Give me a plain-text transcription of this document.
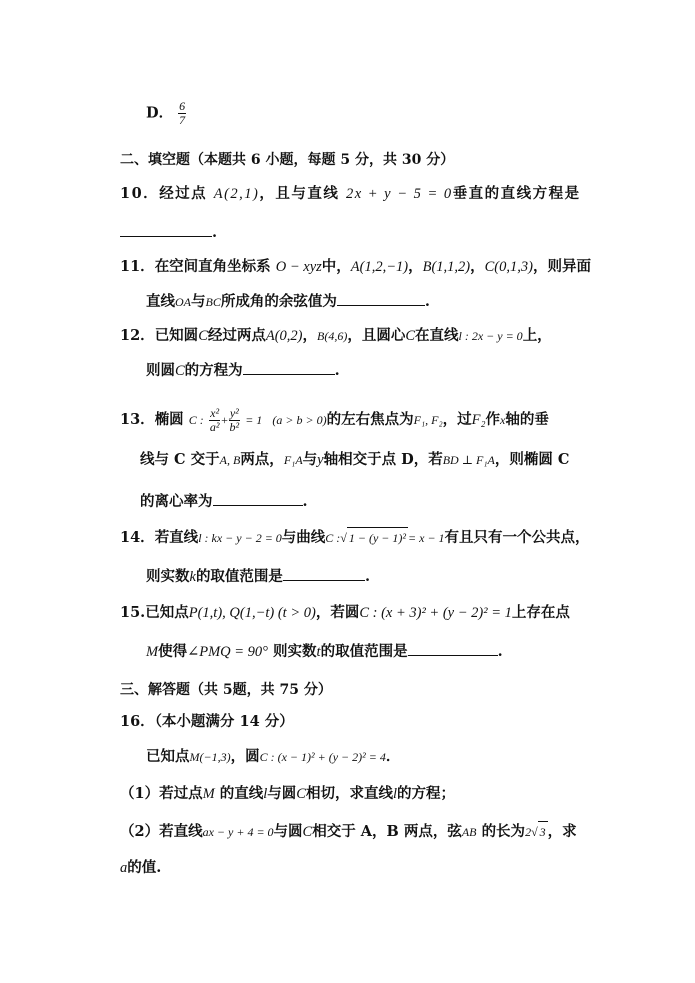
D． $\frac{6}{7}$
二、填空题（本题共 6 小题，每题 5 分，共 30 分）
10．经过点 A(2,1)，且与直线 2x + y − 5 = 0垂直的直线方程是
.
11．在空间直角坐标系 O − xyz中，A(1,2,−1)，B(1,1,2)，C(0,1,3)，则异面
直线OA与BC所成角的余弦值为	.
12．已知圆C经过两点A(0,2)，B(4,6)，且圆心C在直线l : 2x − y = 0上，
则圆C的方程为	.
13．椭圆 C : $\frac{\text{x²}}{\text{a²}} + \frac{\text{y²}}{\text{b²}} = 1$ (a > b > 0)的左右焦点为F₁, F₂，过F₂作x轴的垂
线与 C 交于A, B两点，F₁A与y轴相交于点 D，若BD ⊥ F₁A，则椭圆 C
的离心率为	.
14．若直线l : kx − y − 2 = 0与曲线C :√ 1 − (y − 1)² = x − 1有且只有一个公共点，
则实数k的取值范围是	.
15.已知点P(1,t), Q(1,−t) (t > 0)，若圆C : (x + 3)² + (y − 2)² = 1上存在点
M使得∠PMQ = 90° 则实数t的取值范围是	.
三、解答题（共 5题，共 75 分）
16．（本小题满分 14 分）
已知点M(−1,3)，圆C : (x − 1)² + (y − 2)² = 4．
（1）若过点M 的直线l与圆C相切，求直线l的方程；
（2）若直线ax − y + 4 = 0与圆C相交于 A，B 两点，弦AB 的长为2√ 3 ，求
a的值.
